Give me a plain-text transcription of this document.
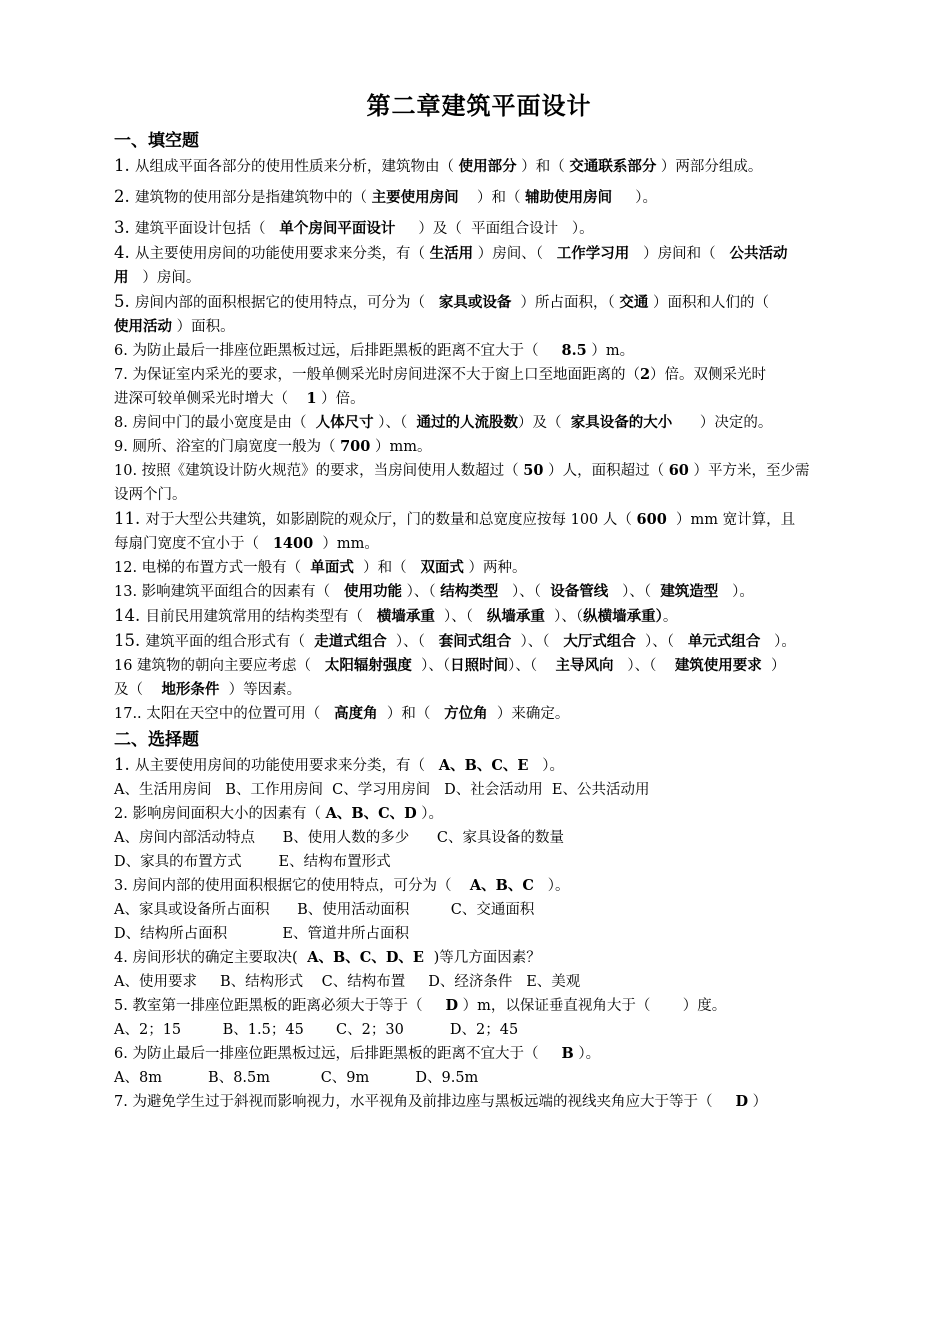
第二章建筑平面设计
一、填空题
1. 从组成平面各部分的使用性质来分析，建筑物由（ 使用部分 ）和（ 交通联系部分 ）两部分组成。
2. 建筑物的使用部分是指建筑物中的（ 主要使用房间    ）和（ 辅助使用房间     ）。
3. 建筑平面设计包括（   单个房间平面设计     ）及（  平面组合设计   ）。
4. 从主要使用房间的功能使用要求来分类，有（ 生活用 ）房间、（   工作学习用   ）房间和（   公共活动
用   ）房间。
5. 房间内部的面积根据它的使用特点，可分为（   家具或设备  ）所占面积，（ 交通 ）面积和人们的（
使用活动 ）面积。
6. 为防止最后一排座位距黑板过远，后排距黑板的距离不宜大于（     8.5 ）m。
7. 为保证室内采光的要求，一般单侧采光时房间进深不大于窗上口至地面距离的（2）倍。双侧采光时
进深可较单侧采光时增大（    1 ）倍。
8. 房间中门的最小宽度是由（  人体尺寸 ）、（  通过的人流股数）及（  家具设备的大小      ）决定的。
9. 厕所、浴室的门扇宽度一般为（ 700 ）mm。
10. 按照《建筑设计防火规范》的要求，当房间使用人数超过（ 50 ）人，面积超过（ 60 ）平方米，至少需
设两个门。
11. 对于大型公共建筑，如影剧院的观众厅，门的数量和总宽度应按每 100 人（ 600  ）mm 宽计算，且
每扇门宽度不宜小于（   1400  ）mm。
12. 电梯的布置方式一般有（  单面式  ）和（   双面式 ）两种。
13. 影响建筑平面组合的因素有（   使用功能 ）、（ 结构类型   ）、（  设备管线   ）、（  建筑造型   ）。
14. 目前民用建筑常用的结构类型有（   横墙承重  ）、（   纵墙承重  ）、（纵横墙承重）。
15. 建筑平面的组合形式有（  走道式组合  ）、（   套间式组合  ）、（   大厅式组合  ）、（   单元式组合   ）。
16 建筑物的朝向主要应考虑（   太阳辐射强度  ）、（日照时间）、（    主导风向   ）、（    建筑使用要求  ）
及（    地形条件  ）等因素。
17.. 太阳在天空中的位置可用（   高度角  ）和（   方位角  ）来确定。
二、选择题
1. 从主要使用房间的功能使用要求来分类，有（   A、B、C、E   ）。
A、生活用房间   B、工作用房间  C、学习用房间   D、社会活动用  E、公共活动用
2. 影响房间面积大小的因素有（ A、B、C、D ）。
A、房间内部活动特点      B、使用人数的多少      C、家具设备的数量
D、家具的布置方式        E、结构布置形式
3. 房间内部的使用面积根据它的使用特点，可分为（    A、B、C   ）。
A、家具或设备所占面积      B、使用活动面积         C、交通面积
D、结构所占面积            E、管道井所占面积
4. 房间形状的确定主要取决(  A、B、C、D、E  )等几方面因素？
A、使用要求     B、结构形式    C、结构布置     D、经济条件   E、美观
5. 教室第一排座位距黑板的距离必须大于等于（     D ）m，以保证垂直视角大于（       ）度。
A、2；15         B、1.5；45       C、2；30          D、2；45
6. 为防止最后一排座位距黑板过远，后排距黑板的距离不宜大于（     B ）。
A、8m          B、8.5m           C、9m          D、9.5m
7. 为避免学生过于斜视而影响视力，水平视角及前排边座与黑板远端的视线夹角应大于等于（     D ）
